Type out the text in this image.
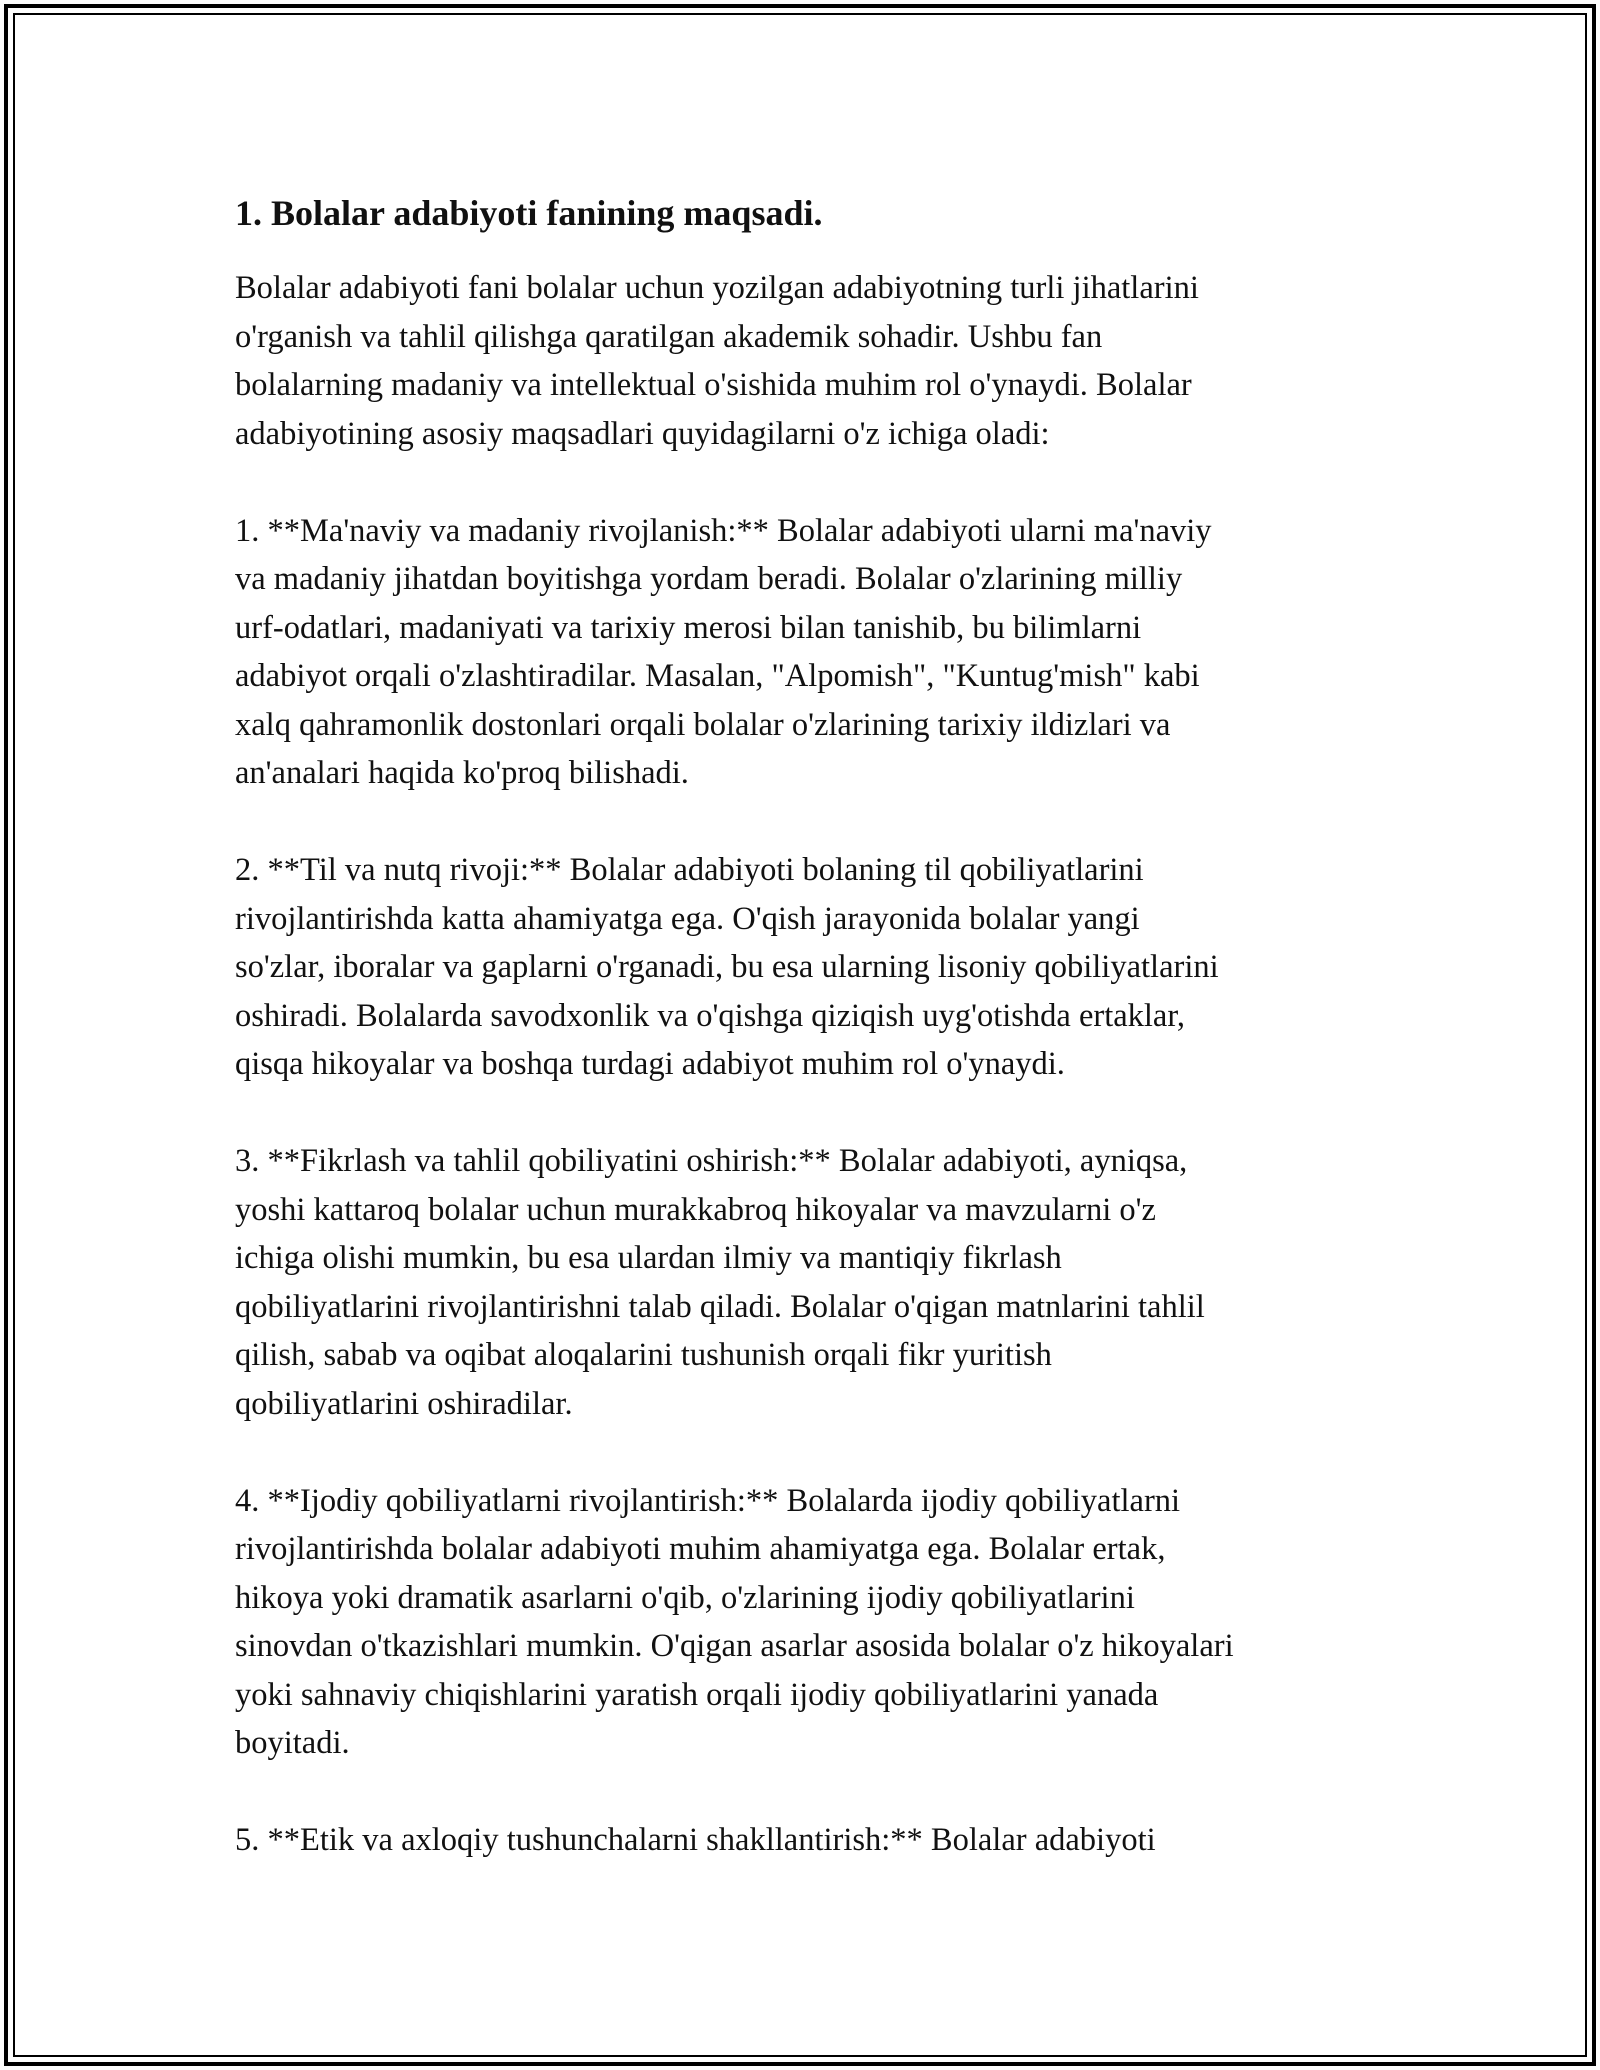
1. Bolalar adabiyoti fanining maqsadi.
Bolalar adabiyoti fani bolalar uchun yozilgan adabiyotning turli jihatlarini
o'rganish va tahlil qilishga qaratilgan akademik sohadir. Ushbu fan
bolalarning madaniy va intellektual o'sishida muhim rol o'ynaydi. Bolalar
adabiyotining asosiy maqsadlari quyidagilarni o'z ichiga oladi:
1. **Ma'naviy va madaniy rivojlanish:** Bolalar adabiyoti ularni ma'naviy
va madaniy jihatdan boyitishga yordam beradi. Bolalar o'zlarining milliy
urf-odatlari, madaniyati va tarixiy merosi bilan tanishib, bu bilimlarni
adabiyot orqali o'zlashtiradilar. Masalan, "Alpomish", "Kuntug'mish" kabi
xalq qahramonlik dostonlari orqali bolalar o'zlarining tarixiy ildizlari va
an'analari haqida ko'proq bilishadi.
2. **Til va nutq rivoji:** Bolalar adabiyoti bolaning til qobiliyatlarini
rivojlantirishda katta ahamiyatga ega. O'qish jarayonida bolalar yangi
so'zlar, iboralar va gaplarni o'rganadi, bu esa ularning lisoniy qobiliyatlarini
oshiradi. Bolalarda savodxonlik va o'qishga qiziqish uyg'otishda ertaklar,
qisqa hikoyalar va boshqa turdagi adabiyot muhim rol o'ynaydi.
3. **Fikrlash va tahlil qobiliyatini oshirish:** Bolalar adabiyoti, ayniqsa,
yoshi kattaroq bolalar uchun murakkabroq hikoyalar va mavzularni o'z
ichiga olishi mumkin, bu esa ulardan ilmiy va mantiqiy fikrlash
qobiliyatlarini rivojlantirishni talab qiladi. Bolalar o'qigan matnlarini tahlil
qilish, sabab va oqibat aloqalarini tushunish orqali fikr yuritish
qobiliyatlarini oshiradilar.
4. **Ijodiy qobiliyatlarni rivojlantirish:** Bolalarda ijodiy qobiliyatlarni
rivojlantirishda bolalar adabiyoti muhim ahamiyatga ega. Bolalar ertak,
hikoya yoki dramatik asarlarni o'qib, o'zlarining ijodiy qobiliyatlarini
sinovdan o'tkazishlari mumkin. O'qigan asarlar asosida bolalar o'z hikoyalari
yoki sahnaviy chiqishlarini yaratish orqali ijodiy qobiliyatlarini yanada
boyitadi.
5. **Etik va axloqiy tushunchalarni shakllantirish:** Bolalar adabiyoti
